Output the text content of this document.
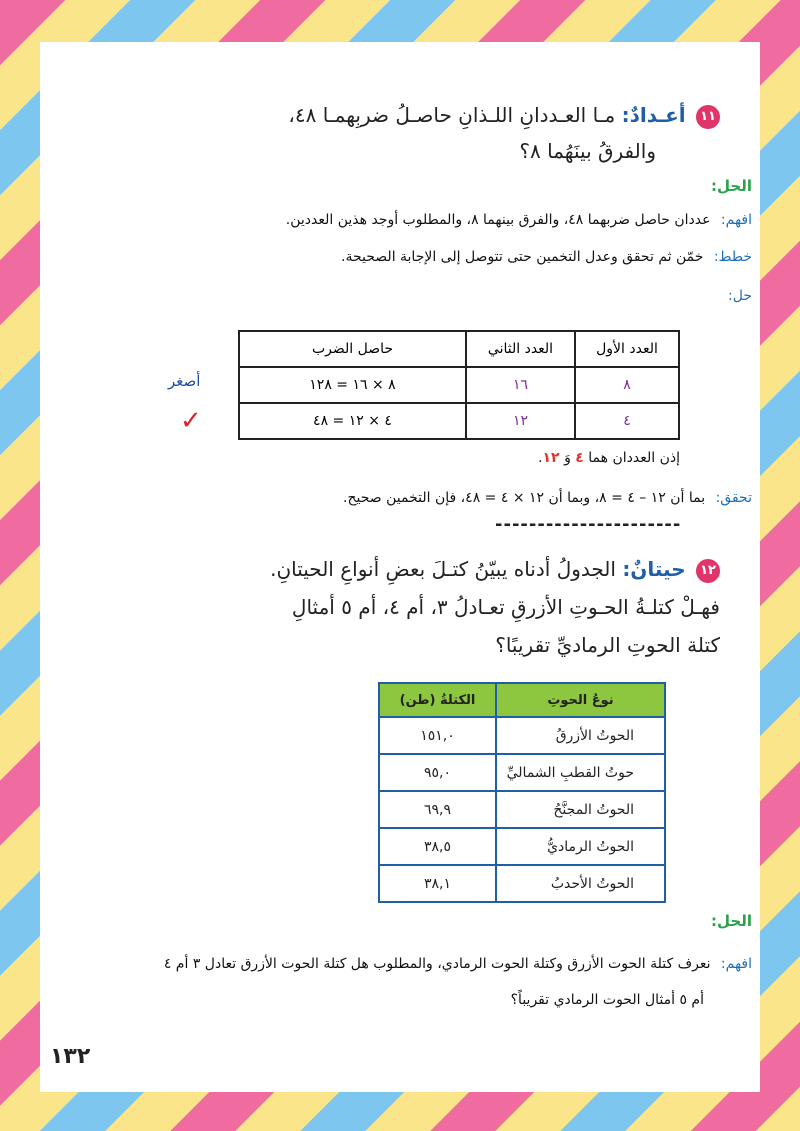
١١ أعـدادٌ: مـا العـددانِ اللـذانِ حاصـلُ ضربِهمـا ٤٨،
والفرقُ بينَهُما ٨؟
الحل:
افهم: عددان حاصل ضربهما ٤٨، والفرق بينهما ٨، والمطلوب أوجد هذين العددين.
خطط: خمّن ثم تحقق وعدل التخمين حتى تتوصل إلى الإجابة الصحيحة.
حل:
العدد الأول	العدد الثاني	حاصل الضرب
٨	١٦	٨ × ١٦ = ١٢٨
٤	١٢	٤ × ١٢ = ٤٨
أصغر
✓
إذن العددان هما ٤ وَ ١٢.
تحقق: بما أن ١٢ – ٤ = ٨، وبما أن ١٢ × ٤ = ٤٨، فإن التخمين صحيح.
----------------------
١٢ حيتانٌ: الجدولُ أدناه يبيّنُ كتـلَ بعضِ أنواعِ الحيتانِ.
فهـلْ كتلـةُ الحـوتِ الأزرقِ تعـادلُ ٣، أم ٤، أم ٥ أمثالِ
كتلة الحوتِ الرماديِّ تقريبًا؟
نوعُ الحوتِ	الكتلةُ (طن)
الحوتُ الأزرقُ	١٥١,٠
حوتُ القطبِ الشماليِّ	٩٥,٠
الحوتُ المجنَّحُ	٦٩,٩
الحوتُ الرماديُّ	٣٨,٥
الحوتُ الأحدبُ	٣٨,١
الحل:
افهم: نعرف كتلة الحوت الأزرق وكتلة الحوت الرمادي، والمطلوب هل كتلة الحوت الأزرق تعادل ٣ أم ٤
أم ٥ أمثال الحوت الرمادي تقريباً؟
١٣٢
